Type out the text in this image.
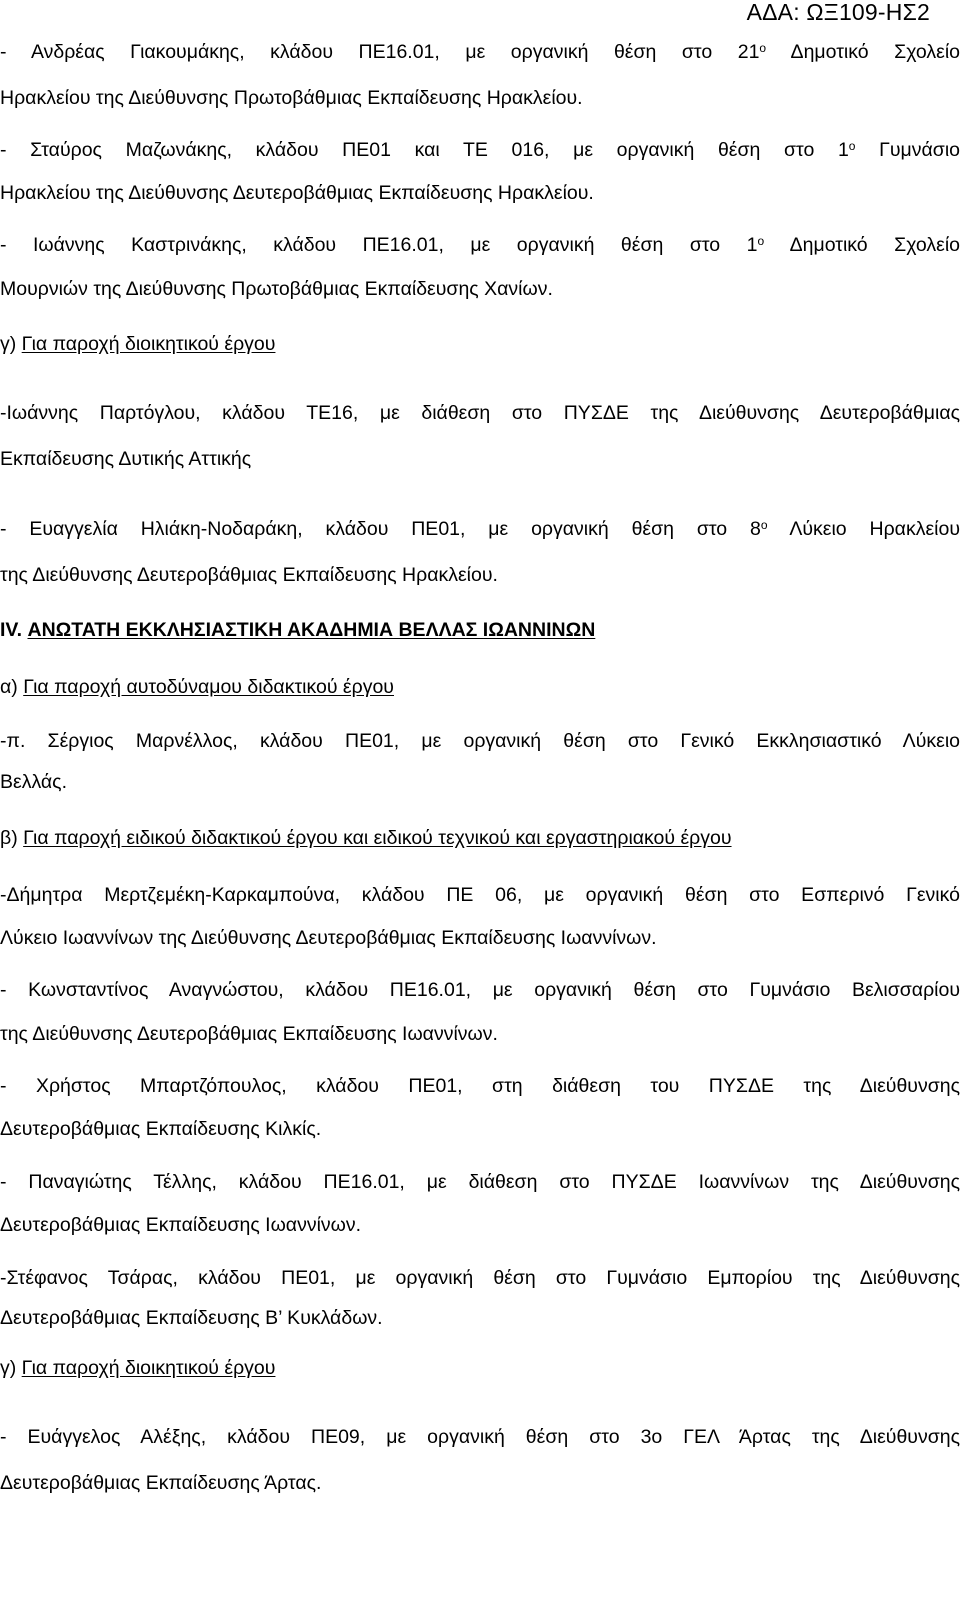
ΑΔΑ: ΩΞ109-ΗΣ2

- Ανδρέας Γιακουμάκης, κλάδου ΠΕ16.01, με οργανική θέση στο $21^o$ Δημοτικό Σχολείο

Ηρακλείου της Διεύθυνσης Πρωτοβάθμιας Εκπαίδευσης Ηρακλείου.

- Σταύρος Μαζωνάκης, κλάδου ΠΕ01 και ΤΕ 016, με οργανική θέση στο $1^o$ Γυμνάσιο

Ηρακλείου της Διεύθυνσης Δευτεροβάθμιας Εκπαίδευσης Ηρακλείου.

- Ιωάννης Καστρινάκης, κλάδου ΠΕ16.01, με οργανική θέση στο $1^o$ Δημοτικό Σχολείο

Μουρνιών της Διεύθυνσης Πρωτοβάθμιας Εκπαίδευσης Χανίων.

γ) Για παροχή διοικητικού έργου

-Ιωάννης Παρτόγλου, κλάδου ΤΕ16, με διάθεση στο ΠΥΣΔΕ της Διεύθυνσης Δευτεροβάθμιας

Εκπαίδευσης Δυτικής Αττικής

- Ευαγγελία Ηλιάκη-Νοδαράκη, κλάδου ΠΕ01, με οργανική θέση στο $8^o$ Λύκειο Ηρακλείου

της Διεύθυνσης Δευτεροβάθμιας Εκπαίδευσης Ηρακλείου.

IV. ΑΝΩΤΑΤΗ ΕΚΚΛΗΣΙΑΣΤΙΚΗ ΑΚΑΔΗΜΙΑ ΒΕΛΛΑΣ ΙΩΑΝΝΙΝΩΝ

α) Για παροχή αυτοδύναμου διδακτικού έργου

-π. Σέργιος Μαρνέλλος, κλάδου ΠΕ01, με οργανική θέση στο Γενικό Εκκλησιαστικό Λύκειο

Βελλάς.

β) Για παροχή ειδικού διδακτικού έργου και ειδικού τεχνικού και εργαστηριακού έργου

-Δήμητρα Μερτζεμέκη-Καρκαμπούνα, κλάδου ΠΕ 06, με οργανική θέση στο Εσπερινό Γενικό

Λύκειο Ιωαννίνων της Διεύθυνσης Δευτεροβάθμιας Εκπαίδευσης Ιωαννίνων.

- Κωνσταντίνος Αναγνώστου, κλάδου ΠΕ16.01, με οργανική θέση στο Γυμνάσιο Βελισσαρίου

της Διεύθυνσης Δευτεροβάθμιας Εκπαίδευσης Ιωαννίνων.

- Χρήστος Μπαρτζόπουλος, κλάδου ΠΕ01, στη διάθεση του ΠΥΣΔΕ της Διεύθυνσης

Δευτεροβάθμιας Εκπαίδευσης Κιλκίς.

- Παναγιώτης Τέλλης, κλάδου ΠΕ16.01, με διάθεση στο ΠΥΣΔΕ Ιωαννίνων της Διεύθυνσης

Δευτεροβάθμιας Εκπαίδευσης Ιωαννίνων.

-Στέφανος Τσάρας, κλάδου ΠΕ01, με οργανική θέση στο Γυμνάσιο Εμπορίου της Διεύθυνσης

Δευτεροβάθμιας Εκπαίδευσης Β’ Κυκλάδων.

γ) Για παροχή διοικητικού έργου

- Ευάγγελος Αλέξης, κλάδου ΠΕ09, με οργανική θέση στο 3ο ΓΕΛ Άρτας της Διεύθυνσης

Δευτεροβάθμιας Εκπαίδευσης Άρτας.
